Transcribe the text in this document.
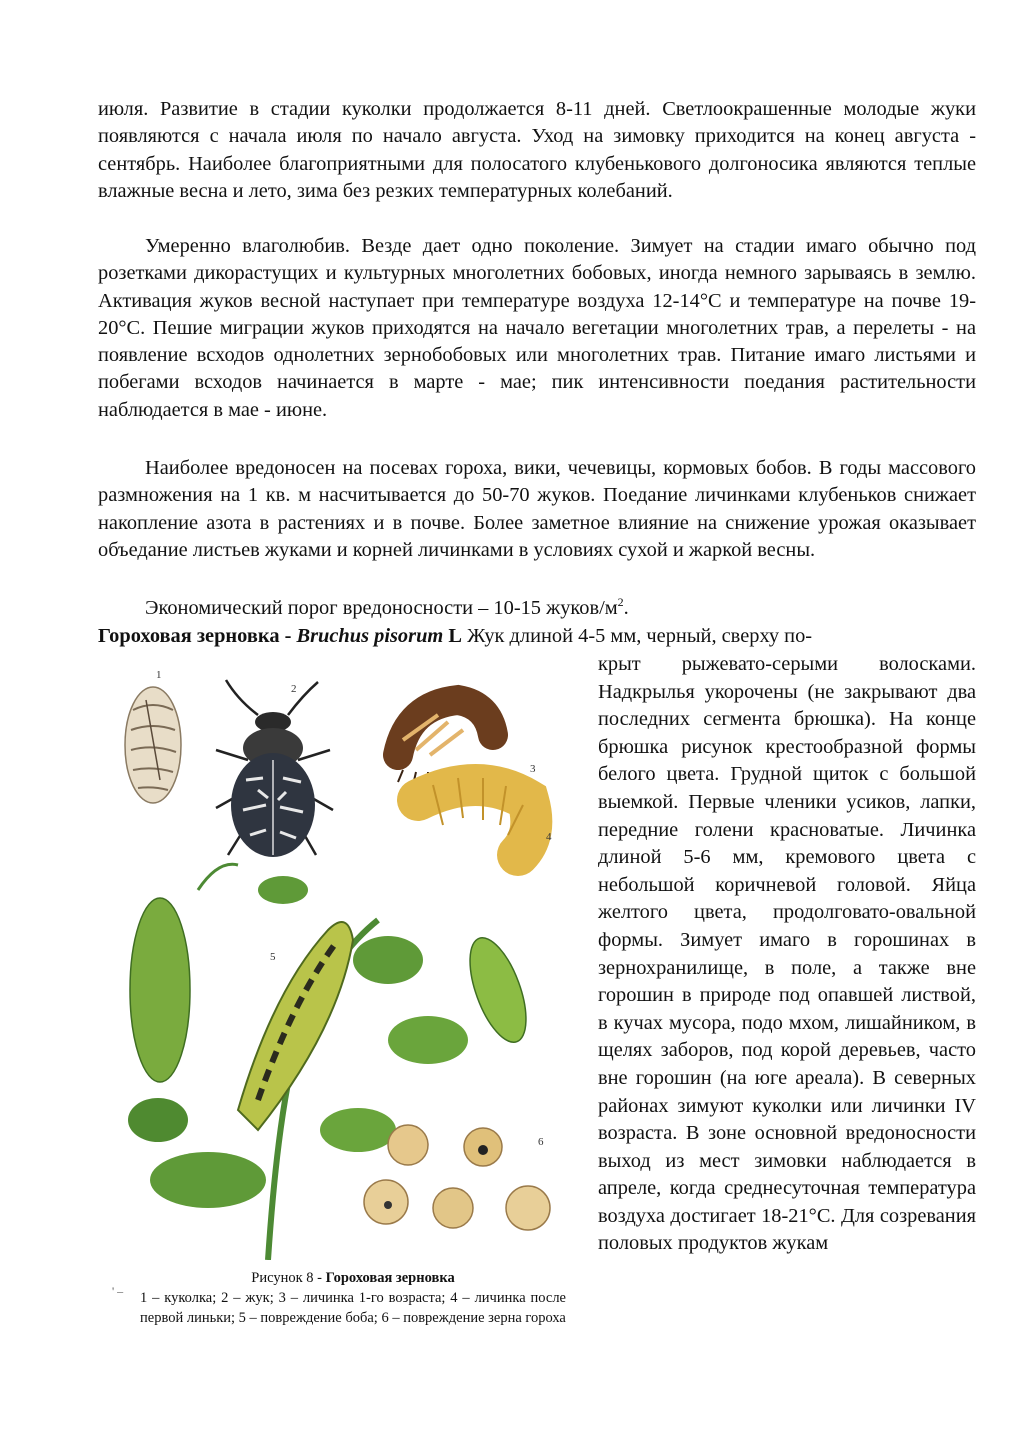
июля. Развитие в стадии куколки продолжается 8-11 дней. Светлоокрашенные молодые жуки появляются с начала июля по начало августа. Уход на зимовку приходится на конец августа - сентябрь. Наиболее благоприятными для полосатого клубенькового долгоносика являются теплые влажные весна и лето, зима без резких температурных колебаний.

Умеренно влаголюбив. Везде дает одно поколение. Зимует на стадии имаго обычно под розетками дикорастущих и культурных многолетних бобовых, иногда немного зарываясь в землю. Активация жуков весной наступает при температуре воздуха 12-14°С и температуре на почве 19-20°С. Пешие миграции жуков приходятся на начало вегетации многолетних трав, а перелеты - на появление всходов однолетних зернобобовых или многолетних трав. Питание имаго листьями и побегами всходов начинается в марте - мае; пик интенсивности поедания растительности наблюдается в мае - июне.

Наиболее вредоносен на посевах гороха, вики, чечевицы, кормовых бобов. В годы массового размножения на 1 кв. м насчитывается до 50-70 жуков. Поедание личинками клубеньков снижает накопление азота в растениях и в почве. Более заметное влияние на снижение урожая оказывает объедание листьев жуками и корней личинками в условиях сухой и жаркой весны.

Экономический порог вредоносности – 10-15 жуков/$м^2$.

Гороховая зерновка - Bruchus pisorum L Жук длиной 4-5 мм, черный, сверху по-

крыт рыжевато-серыми волосками. Надкрылья укорочены (не закрывают два последних сегмента брюшка). На конце брюшка рисунок крестообразной формы белого цвета. Грудной щиток с большой выемкой. Первые членики усиков, лапки, передние голени красноватые. Личинка длиной 5-6 мм, кремового цвета с небольшой коричневой головой. Яйца желтого цвета, продолговато-овальной формы. Зимует имаго в горошинах в зернохранилище, в поле, а также вне горошин в природе под опавшей листвой, в кучах мусора, подо мхом, лишайником, в щелях заборов, под корой деревьев, часто вне горошин (на юге ареала). В северных районах зимуют куколки или личинки IV возраста. В зоне основной вредоносности выход из мест зимовки наблюдается в апреле, когда среднесуточная температура воздуха достигает 18-21°С. Для созревания половых продуктов жукам

1
2
3
4
5
6
' –
Рисунок 8 - Гороховая зерновка
1 – куколка; 2 – жук; 3 – личинка 1-го возраста; 4 – личинка после первой линьки; 5 – повреждение боба; 6 – повреждение зерна гороха
